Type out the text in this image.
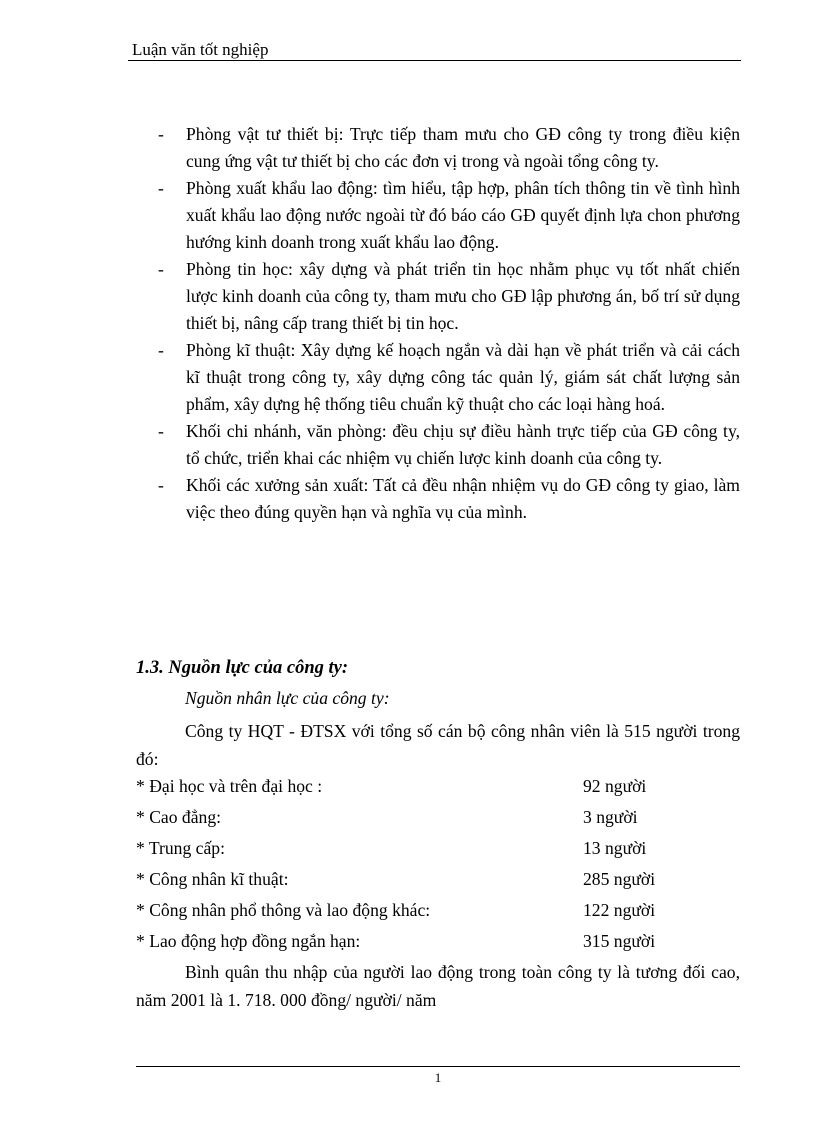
Luận văn tốt nghiệp
- Phòng vật tư thiết bị: Trực tiếp tham mưu cho GĐ công ty trong điều kiện cung ứng vật tư thiết bị cho các đơn vị trong và ngoài tổng công ty.
- Phòng xuất khẩu lao động: tìm hiểu, tập hợp, phân tích thông tin về tình hình xuất khẩu lao động nước ngoài từ đó báo cáo GĐ quyết định lựa chon phương hướng kinh doanh trong xuất khẩu lao động.
- Phòng tin học: xây dựng và phát triển tin học nhằm phục vụ tốt nhất chiến lược kinh doanh của công ty, tham mưu cho GĐ lập phương án, bố trí sử dụng thiết bị, nâng cấp trang thiết bị tin học.
- Phòng kĩ thuật: Xây dựng kế hoạch ngắn và dài hạn về phát triển và cải cách kĩ thuật trong công ty, xây dựng công tác quản lý, giám sát chất lượng sản phẩm, xây dựng hệ thống tiêu chuẩn kỹ thuật cho các loại hàng hoá.
- Khối chi nhánh, văn phòng: đều chịu sự điều hành trực tiếp của GĐ công ty, tổ chức, triển khai các nhiệm vụ chiến lược kinh doanh của công ty.
- Khối các xưởng sản xuất: Tất cả đều nhận nhiệm vụ do GĐ công ty giao, làm việc theo đúng quyền hạn và nghĩa vụ của mình.
1.3. Nguồn lực của công ty:
Nguồn nhân lực của công ty:
Công ty HQT - ĐTSX với tổng số cán bộ công nhân viên là 515 người trong đó:
* Đại học và trên đại học :	92 người
* Cao đẳng:	3 người
* Trung cấp:	13 người
* Công nhân kĩ thuật:	285 người
* Công nhân phổ thông và lao động khác:	122 người
* Lao động hợp đồng ngắn hạn:	315 người
Bình quân thu nhập của người lao động trong toàn công ty là tương đối cao, năm 2001 là 1. 718. 000 đồng/ người/ năm
1
